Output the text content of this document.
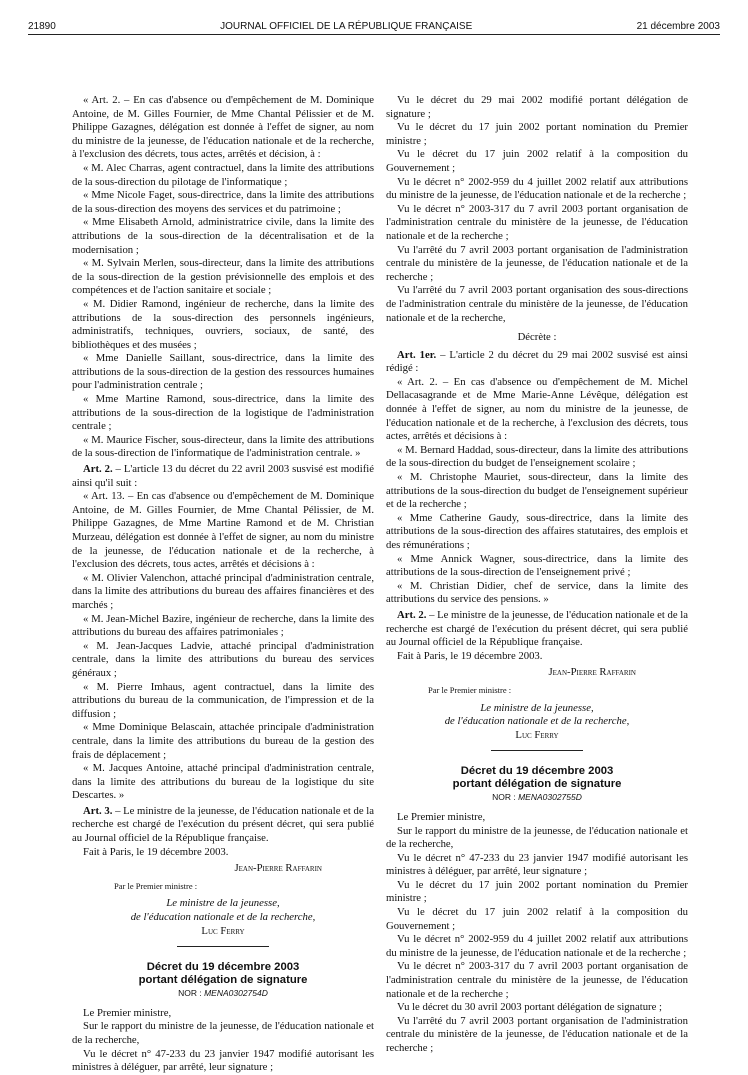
21890	JOURNAL OFFICIEL DE LA RÉPUBLIQUE FRANÇAISE	21 décembre 2003

« Art. 2. – En cas d'absence ou d'empêchement de M. Dominique Antoine, de M. Gilles Fournier, de Mme Chantal Pélissier et de M. Philippe Gazagnes, délégation est donnée à l'effet de signer, au nom du ministre de la jeunesse, de l'éducation nationale et de la recherche, à l'exclusion des décrets, tous actes, arrêtés et décision, à :

« M. Alec Charras, agent contractuel, dans la limite des attributions de la sous-direction du pilotage de l'informatique ;

« Mme Nicole Faget, sous-directrice, dans la limite des attributions de la sous-direction des moyens des services et du patrimoine ;

« Mme Elisabeth Arnold, administratrice civile, dans la limite des attributions de la sous-direction de la décentralisation et de la modernisation ;

« M. Sylvain Merlen, sous-directeur, dans la limite des attributions de la sous-direction de la gestion prévisionnelle des emplois et des compétences et de l'action sanitaire et sociale ;

« M. Didier Ramond, ingénieur de recherche, dans la limite des attributions de la sous-direction des personnels ingénieurs, administratifs, techniques, ouvriers, sociaux, de santé, des bibliothèques et des musées ;

« Mme Danielle Saillant, sous-directrice, dans la limite des attributions de la sous-direction de la gestion des ressources humaines pour l'administration centrale ;

« Mme Martine Ramond, sous-directrice, dans la limite des attributions de la sous-direction de la logistique de l'administration centrale ;

« M. Maurice Fischer, sous-directeur, dans la limite des attributions de la sous-direction de l'informatique de l'administration centrale. »

Art. 2. – L'article 13 du décret du 22 avril 2003 susvisé est modifié ainsi qu'il suit :

« Art. 13. – En cas d'absence ou d'empêchement de M. Dominique Antoine, de M. Gilles Fournier, de Mme Chantal Pélissier, de M. Philippe Gazagnes, de Mme Martine Ramond et de M. Christian Murzeau, délégation est donnée à l'effet de signer, au nom du ministre de la jeunesse, de l'éducation nationale et de la recherche, à l'exclusion des décrets, tous actes, arrêtés et décisions à :

« M. Olivier Valenchon, attaché principal d'administration centrale, dans la limite des attributions du bureau des affaires financières et des marchés ;

« M. Jean-Michel Bazire, ingénieur de recherche, dans la limite des attributions du bureau des affaires patrimoniales ;

« M. Jean-Jacques Ladvie, attaché principal d'administration centrale, dans la limite des attributions du bureau des services généraux ;

« M. Pierre Imhaus, agent contractuel, dans la limite des attributions du bureau de la communication, de l'impression et de la diffusion ;

« Mme Dominique Belascain, attachée principale d'administration centrale, dans la limite des attributions du bureau de la gestion des frais de déplacement ;

« M. Jacques Antoine, attaché principal d'administration centrale, dans la limite des attributions du bureau de la logistique du site Descartes. »

Art. 3. – Le ministre de la jeunesse, de l'éducation nationale et de la recherche est chargé de l'exécution du présent décret, qui sera publié au Journal officiel de la République française.

Fait à Paris, le 19 décembre 2003.

Jean-Pierre Raffarin

Par le Premier ministre :

Le ministre de la jeunesse,

de l'éducation nationale et de la recherche,

Luc Ferry

Décret du 19 décembre 2003

portant délégation de signature

NOR : MENA0302754D

Le Premier ministre,

Sur le rapport du ministre de la jeunesse, de l'éducation nationale et de la recherche,

Vu le décret n° 47-233 du 23 janvier 1947 modifié autorisant les ministres à déléguer, par arrêté, leur signature ;

Vu le décret du 29 mai 2002 modifié portant délégation de signature ;

Vu le décret du 17 juin 2002 portant nomination du Premier ministre ;

Vu le décret du 17 juin 2002 relatif à la composition du Gouvernement ;

Vu le décret n° 2002-959 du 4 juillet 2002 relatif aux attributions du ministre de la jeunesse, de l'éducation nationale et de la recherche ;

Vu le décret n° 2003-317 du 7 avril 2003 portant organisation de l'administration centrale du ministère de la jeunesse, de l'éducation nationale et de la recherche ;

Vu l'arrêté du 7 avril 2003 portant organisation de l'administration centrale du ministère de la jeunesse, de l'éducation nationale et de la recherche ;

Vu l'arrêté du 7 avril 2003 portant organisation des sous-directions de l'administration centrale du ministère de la jeunesse, de l'éducation nationale et de la recherche,

Décrète :

Art. 1er. – L'article 2 du décret du 29 mai 2002 susvisé est ainsi rédigé :

« Art. 2. – En cas d'absence ou d'empêchement de M. Michel Dellacasagrande et de Mme Marie-Anne Lévêque, délégation est donnée à l'effet de signer, au nom du ministre de la jeunesse, de l'éducation nationale et de la recherche, à l'exclusion des décrets, tous actes, arrêtés et décisions à :

« M. Bernard Haddad, sous-directeur, dans la limite des attributions de la sous-direction du budget de l'enseignement scolaire ;

« M. Christophe Mauriet, sous-directeur, dans la limite des attributions de la sous-direction du budget de l'enseignement supérieur et de la recherche ;

« Mme Catherine Gaudy, sous-directrice, dans la limite des attributions de la sous-direction des affaires statutaires, des emplois et des rémunérations ;

« Mme Annick Wagner, sous-directrice, dans la limite des attributions de la sous-direction de l'enseignement privé ;

« M. Christian Didier, chef de service, dans la limite des attributions du service des pensions. »

Art. 2. – Le ministre de la jeunesse, de l'éducation nationale et de la recherche est chargé de l'exécution du présent décret, qui sera publié au Journal officiel de la République française.

Fait à Paris, le 19 décembre 2003.

Jean-Pierre Raffarin

Par le Premier ministre :

Le ministre de la jeunesse,

de l'éducation nationale et de la recherche,

Luc Ferry

Décret du 19 décembre 2003

portant délégation de signature

NOR : MENA0302755D

Le Premier ministre,

Sur le rapport du ministre de la jeunesse, de l'éducation nationale et de la recherche,

Vu le décret n° 47-233 du 23 janvier 1947 modifié autorisant les ministres à déléguer, par arrêté, leur signature ;

Vu le décret du 17 juin 2002 portant nomination du Premier ministre ;

Vu le décret du 17 juin 2002 relatif à la composition du Gouvernement ;

Vu le décret n° 2002-959 du 4 juillet 2002 relatif aux attributions du ministre de la jeunesse, de l'éducation nationale et de la recherche ;

Vu le décret n° 2003-317 du 7 avril 2003 portant organisation de l'administration centrale du ministère de la jeunesse, de l'éducation nationale et de la recherche ;

Vu le décret du 30 avril 2003 portant délégation de signature ;

Vu l'arrêté du 7 avril 2003 portant organisation de l'administration centrale du ministère de la jeunesse, de l'éducation nationale et de la recherche ;
